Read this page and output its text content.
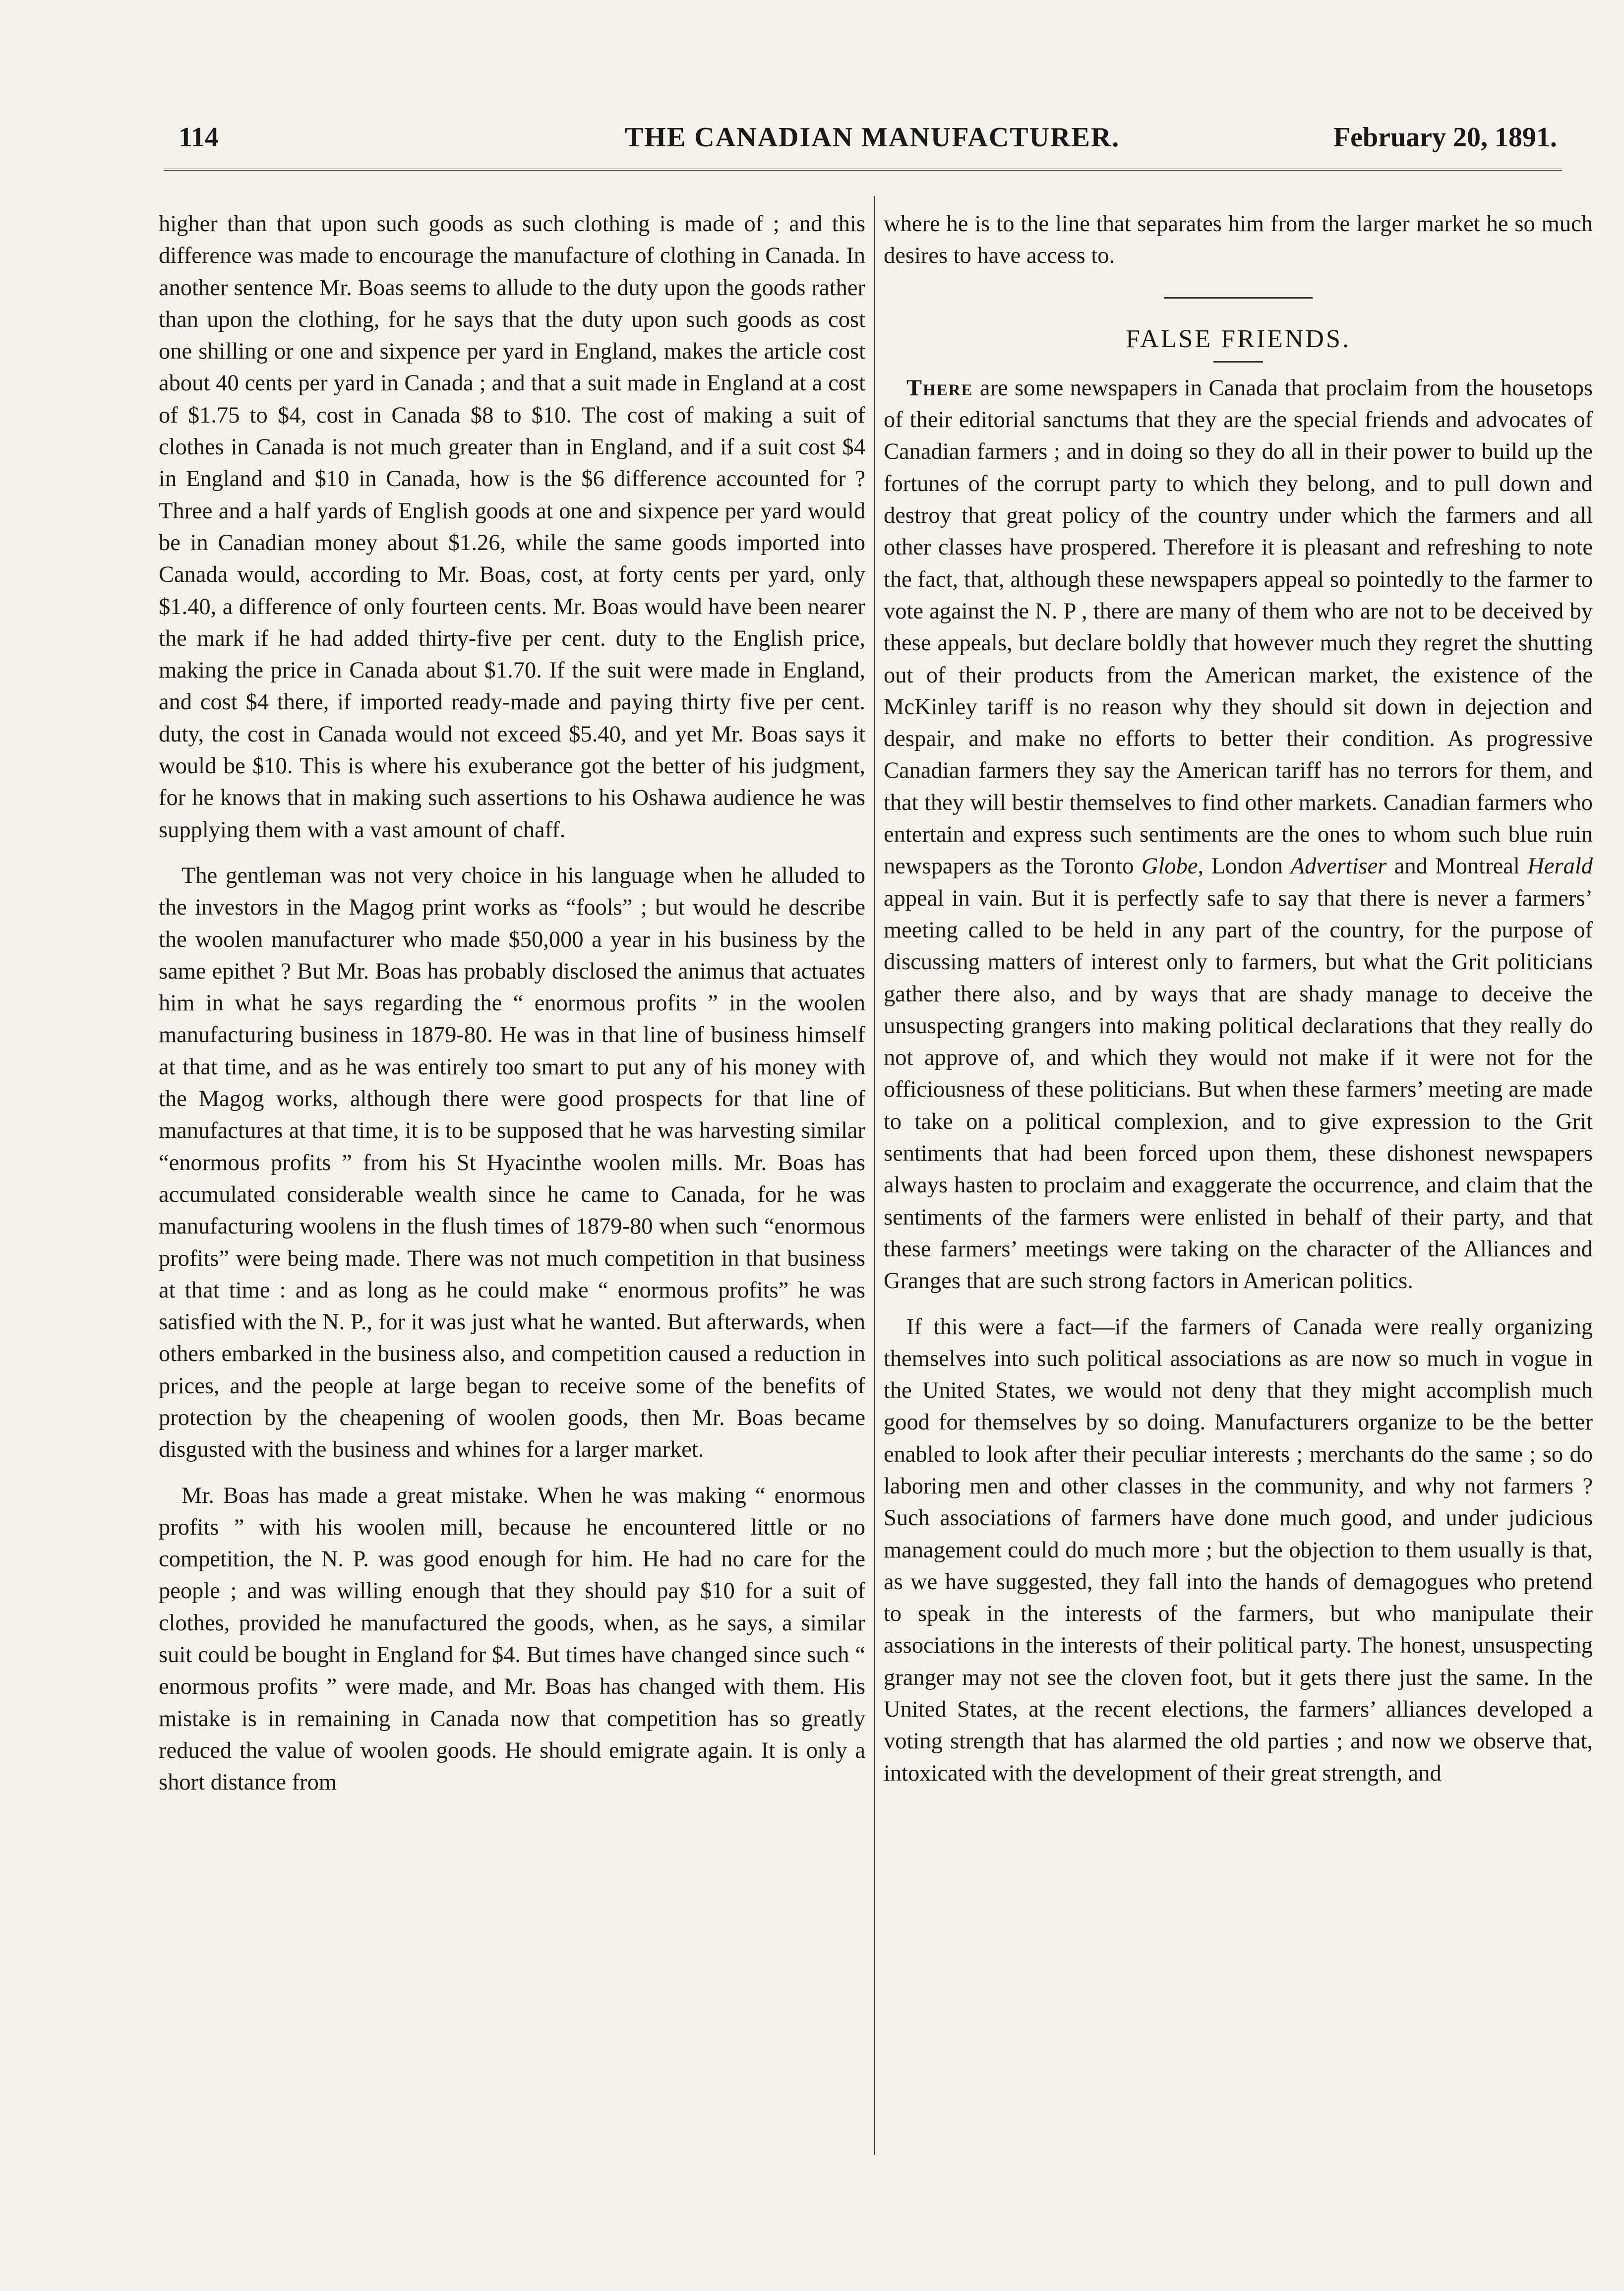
114	THE CANADIAN MANUFACTURER.	February 20, 1891.

higher than that upon such goods as such clothing is made of ; and this difference was made to encourage the manufacture of clothing in Canada. In another sentence Mr. Boas seems to allude to the duty upon the goods rather than upon the clothing, for he says that the duty upon such goods as cost one shilling or one and sixpence per yard in England, makes the article cost about 40 cents per yard in Canada ; and that a suit made in England at a cost of $1.75 to $4, cost in Canada $8 to $10. The cost of making a suit of clothes in Canada is not much greater than in England, and if a suit cost $4 in England and $10 in Canada, how is the $6 difference accounted for ? Three and a half yards of English goods at one and sixpence per yard would be in Canadian money about $1.26, while the same goods imported into Canada would, according to Mr. Boas, cost, at forty cents per yard, only $1.40, a difference of only fourteen cents. Mr. Boas would have been nearer the mark if he had added thirty-five per cent. duty to the English price, making the price in Canada about $1.70. If the suit were made in England, and cost $4 there, if imported ready-made and paying thirty five per cent. duty, the cost in Canada would not exceed $5.40, and yet Mr. Boas says it would be $10. This is where his exuberance got the better of his judgment, for he knows that in making such assertions to his Oshawa audience he was supplying them with a vast amount of chaff.

The gentleman was not very choice in his language when he alluded to the investors in the Magog print works as “fools” ; but would he describe the woolen manufacturer who made $50,000 a year in his business by the same epithet ? But Mr. Boas has probably disclosed the animus that actuates him in what he says regarding the “ enormous profits ” in the woolen manufacturing business in 1879-80. He was in that line of business himself at that time, and as he was entirely too smart to put any of his money with the Magog works, although there were good prospects for that line of manufactures at that time, it is to be supposed that he was harvesting similar “enormous profits ” from his St Hyacinthe woolen mills. Mr. Boas has accumulated considerable wealth since he came to Canada, for he was manufacturing woolens in the flush times of 1879-80 when such “enormous profits” were being made. There was not much competition in that business at that time : and as long as he could make “ enormous profits” he was satisfied with the N. P., for it was just what he wanted. But afterwards, when others embarked in the business also, and competition caused a reduction in prices, and the people at large began to receive some of the benefits of protection by the cheapening of woolen goods, then Mr. Boas became disgusted with the business and whines for a larger market.

Mr. Boas has made a great mistake. When he was making “ enormous profits ” with his woolen mill, because he encountered little or no competition, the N. P. was good enough for him. He had no care for the people ; and was willing enough that they should pay $10 for a suit of clothes, provided he manufactured the goods, when, as he says, a similar suit could be bought in England for $4. But times have changed since such “ enormous profits ” were made, and Mr. Boas has changed with them. His mistake is in remaining in Canada now that competition has so greatly reduced the value of woolen goods. He should emigrate again. It is only a short distance from

where he is to the line that separates him from the larger market he so much desires to have access to.

FALSE FRIENDS.

There are some newspapers in Canada that proclaim from the housetops of their editorial sanctums that they are the special friends and advocates of Canadian farmers ; and in doing so they do all in their power to build up the fortunes of the corrupt party to which they belong, and to pull down and destroy that great policy of the country under which the farmers and all other classes have prospered. Therefore it is pleasant and refreshing to note the fact, that, although these newspapers appeal so pointedly to the farmer to vote against the N. P , there are many of them who are not to be deceived by these appeals, but declare boldly that however much they regret the shutting out of their products from the American market, the existence of the McKinley tariff is no reason why they should sit down in dejection and despair, and make no efforts to better their condition. As progressive Canadian farmers they say the American tariff has no terrors for them, and that they will bestir themselves to find other markets. Canadian farmers who entertain and express such sentiments are the ones to whom such blue ruin newspapers as the Toronto Globe, London Advertiser and Montreal Herald appeal in vain. But it is perfectly safe to say that there is never a farmers’ meeting called to be held in any part of the country, for the purpose of discussing matters of interest only to farmers, but what the Grit politicians gather there also, and by ways that are shady manage to deceive the unsuspecting grangers into making political declarations that they really do not approve of, and which they would not make if it were not for the officiousness of these politicians. But when these farmers’ meeting are made to take on a political complexion, and to give expression to the Grit sentiments that had been forced upon them, these dishonest newspapers always hasten to proclaim and exaggerate the occurrence, and claim that the sentiments of the farmers were enlisted in behalf of their party, and that these farmers’ meetings were taking on the character of the Alliances and Granges that are such strong factors in American politics.

If this were a fact—if the farmers of Canada were really organizing themselves into such political associations as are now so much in vogue in the United States, we would not deny that they might accomplish much good for themselves by so doing. Manufacturers organize to be the better enabled to look after their peculiar interests ; merchants do the same ; so do laboring men and other classes in the community, and why not farmers ? Such associations of farmers have done much good, and under judicious management could do much more ; but the objection to them usually is that, as we have suggested, they fall into the hands of demagogues who pretend to speak in the interests of the farmers, but who manipulate their associations in the interests of their political party. The honest, unsuspecting granger may not see the cloven foot, but it gets there just the same. In the United States, at the recent elections, the farmers’ alliances developed a voting strength that has alarmed the old parties ; and now we observe that, intoxicated with the development of their great strength, and
